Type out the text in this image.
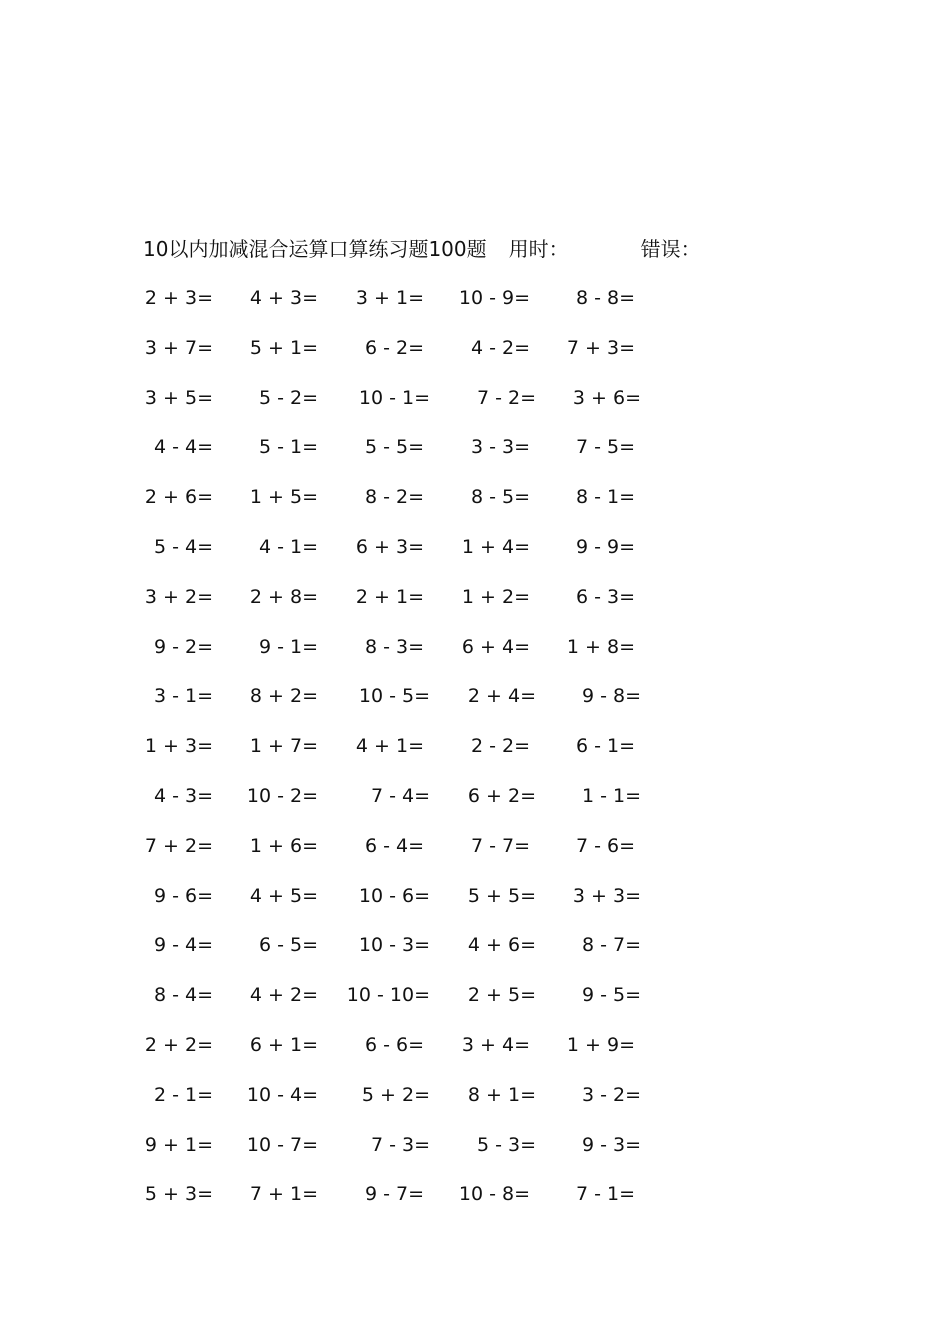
10以内加减混合运算口算练习题100题 用时：	错误：
2 + 3=	4 + 3=	3 + 1=	10 - 9=	8 - 8=
3 + 7=	5 + 1=	6 - 2=	4 - 2=	7 + 3=
3 + 5=	5 - 2=	10 - 1=	7 - 2=	3 + 6=
4 - 4=	5 - 1=	5 - 5=	3 - 3=	7 - 5=
2 + 6=	1 + 5=	8 - 2=	8 - 5=	8 - 1=
5 - 4=	4 - 1=	6 + 3=	1 + 4=	9 - 9=
3 + 2=	2 + 8=	2 + 1=	1 + 2=	6 - 3=
9 - 2=	9 - 1=	8 - 3=	6 + 4=	1 + 8=
3 - 1=	8 + 2=	10 - 5=	2 + 4=	9 - 8=
1 + 3=	1 + 7=	4 + 1=	2 - 2=	6 - 1=
4 - 3=	10 - 2=	7 - 4=	6 + 2=	1 - 1=
7 + 2=	1 + 6=	6 - 4=	7 - 7=	7 - 6=
9 - 6=	4 + 5=	10 - 6=	5 + 5=	3 + 3=
9 - 4=	6 - 5=	10 - 3=	4 + 6=	8 - 7=
8 - 4=	4 + 2=	10 - 10=	2 + 5=	9 - 5=
2 + 2=	6 + 1=	6 - 6=	3 + 4=	1 + 9=
2 - 1=	10 - 4=	5 + 2=	8 + 1=	3 - 2=
9 + 1=	10 - 7=	7 - 3=	5 - 3=	9 - 3=
5 + 3=	7 + 1=	9 - 7=	10 - 8=	7 - 1=
